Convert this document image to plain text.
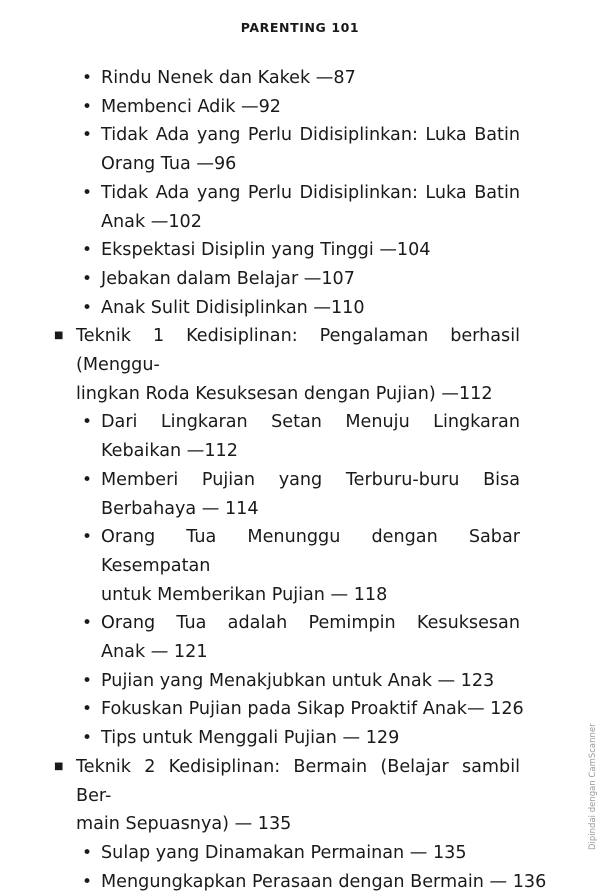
PARENTING 101
• Rindu Nenek dan Kakek —87
• Membenci Adik —92
• Tidak Ada yang Perlu Didisiplinkan: Luka Batin
Orang Tua —96
• Tidak Ada yang Perlu Didisiplinkan: Luka Batin
Anak —102
• Ekspektasi Disiplin yang Tinggi —104
• Jebakan dalam Belajar —107
• Anak Sulit Didisiplinkan —110
■ Teknik 1 Kedisiplinan: Pengalaman berhasil (Menggu-
lingkan Roda Kesuksesan dengan Pujian) —112
• Dari Lingkaran Setan Menuju Lingkaran
Kebaikan —112
• Memberi Pujian yang Terburu-buru Bisa
Berbahaya — 114
• Orang Tua Menunggu dengan Sabar Kesempatan
untuk Memberikan Pujian — 118
• Orang Tua adalah Pemimpin Kesuksesan
Anak — 121
• Pujian yang Menakjubkan untuk Anak — 123
• Fokuskan Pujian pada Sikap Proaktif Anak— 126
• Tips untuk Menggali Pujian — 129
■ Teknik 2 Kedisiplinan: Bermain (Belajar sambil Ber-
main Sepuasnya) — 135
• Sulap yang Dinamakan Permainan — 135
• Mengungkapkan Perasaan dengan Bermain — 136
Dipindai dengan CamScanner
